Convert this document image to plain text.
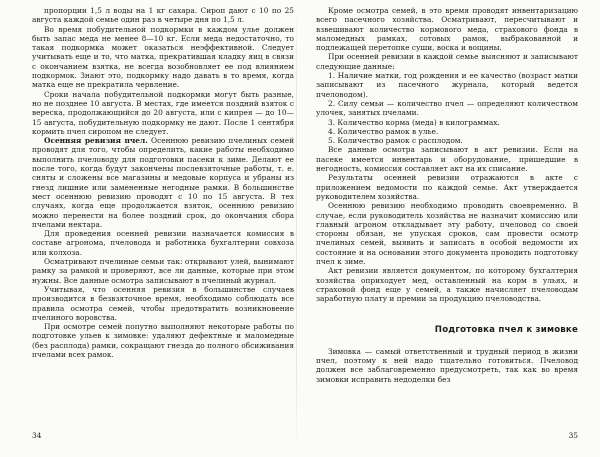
пропорции 1,5 л воды на 1 кг сахара. Сироп дают с 10 по 25 августа каждой семье один раз в четыре дня по 1,5 л.

Во время побудительной подкормки в каждом улье должен быть запас меда не менее 8—10 кг. Если меда недостаточно, то такая подкормка может оказаться неэффективной. Следует учитывать еще и то, что матка, прекратившая кладку яиц в связи с окончанием взятка, не всегда возобновляет ее под влиянием подкормок. Знают это, подкормку надо давать в то время, когда матка еще не прекратила червление.

Сроки начала побудительной подкормки могут быть разные, но не позднее 10 августа. В местах, где имеется поздний взяток с вереска, продолжающийся до 20 августа, или с кипрея — до 10—15 августа, побудительную подкормку не дают. После 1 сентября кормить пчел сиропом не следует.

Осенняя ревизия пчел. Осеннюю ревизию пчелиных семей проводят для того, чтобы определить, какие работы необходимо выполнить пчеловоду для подготовки пасеки к зиме. Делают ее после того, когда будут закончены послевзяточные работы, т. е. сняты и сложены все магазины и медовые корпуса и убраны из гнезд лишние или замененные негодные рамки. В большинстве мест осеннюю ревизию проводят с 10 по 15 августа. В тех случаях, когда еще продолжается взяток, осеннюю ревизию можно перенести на более поздний срок, до окончания сбора пчелами нектара.

Для проведения осенней ревизии назначается комиссия в составе агронома, пчеловода и работника бухгалтерии совхоза или колхоза.

Осматривают пчелиные семьи так: открывают улей, вынимают рамку за рамкой и проверяют, все ли данные, которые при этом нужны. Все данные осмотра записывают в пчелиный журнал.

Учитывая, что осенняя ревизия в большинстве случаев производится в безвзяточное время, необходимо соблюдать все правила осмотра семей, чтобы предотвратить возникновение пчелиного воровства.

При осмотре семей попутно выполняют некоторые работы по подготовке ульев к зимовке: удаляют дефектные и маломедные (без расплода) рамки, сокращают гнезда до полного обсиживания пчелами всех рамок.

34

Кроме осмотра семей, в это время проводят инвентаризацию всего пасечного хозяйства. Осматривают, пересчитывают и взвешивают количество кормового меда, страхового фонда в маломедных рамках, сотовых рамок, выбракованной и подлежащей перетопке суши, воска и вощины.

При осенней ревизии в каждой семье выясняют и записывают следующие данные:

1. Наличие матки, год рождения и ее качество (возраст матки записывают из пасечного журнала, который ведется пчеловодом).

2. Силу семьи — количество пчел — определяют количеством улочек, занятых пчелами.

3. Количество корма (меда) в килограммах.

4. Количество рамок в улье.

5. Количество рамок с расплодом.

Все данные осмотра записывают в акт ревизии. Если на пасеке имеется инвентарь и оборудование, пришедшие в негодность, комиссия составляет акт на их списание.

Результаты осенней ревизии отражаются в акте с приложением ведомости по каждой семье. Акт утверждается руководителем хозяйства.

Осеннюю ревизию необходимо проводить своевременно. В случае, если руководитель хозяйства не назначит комиссию или главный агроном откладывает эту работу, пчеловод со своей стороны обязан, не упуская сроков, сам провести осмотр пчелиных семей, выявить и записать в особой ведомости их состояние и на основании этого документа проводить подготовку пчел к зиме.

Акт ревизии является документом, по которому бухгалтерия хозяйства оприходует мед, оставленный на корм в ульях, и страховой фонд еще у семей, а также начисляет пчеловодам заработную плату и премии за продукцию пчеловодства.

Подготовка пчел к зимовке

Зимовка — самый ответственный и трудный период в жизни пчел, поэтому к ней надо тщательно готовиться. Пчеловод должен все заблаговременно предусмотреть, так как во время зимовки исправить недоделки без

35
